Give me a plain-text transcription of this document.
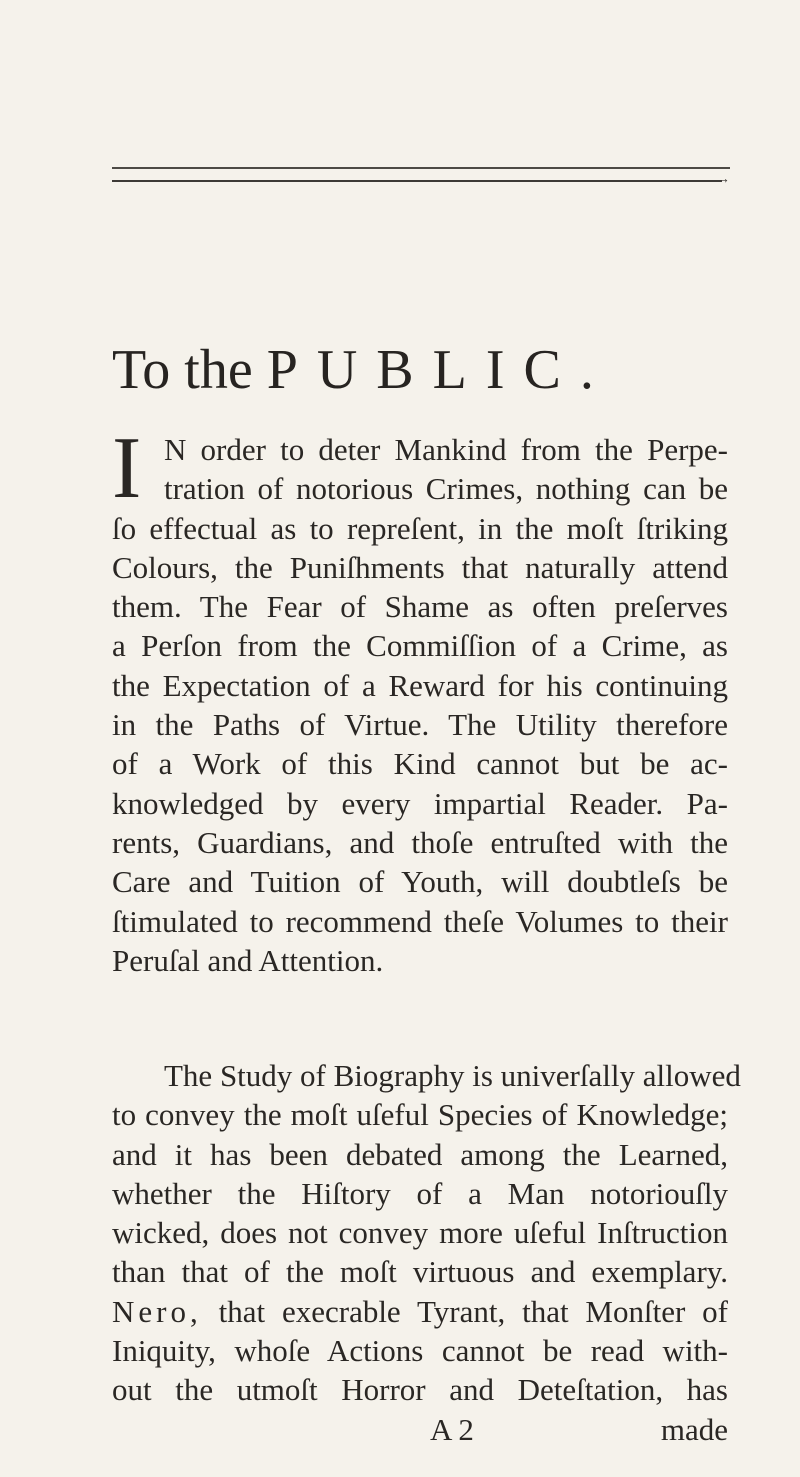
→
To the PUBLIC.
I N order to deter Mankind from the Perpe-
tration of notorious Crimes, nothing can be
ſo effectual as to repreſent, in the moſt ſtriking
Colours, the Puniſhments that naturally attend
them. The Fear of Shame as often preſerves
a Perſon from the Commiſſion of a Crime, as
the Expectation of a Reward for his continuing
in the Paths of Virtue. The Utility therefore
of a Work of this Kind cannot but be ac-
knowledged by every impartial Reader. Pa-
rents, Guardians, and thoſe entruſted with the
Care and Tuition of Youth, will doubtleſs be
ſtimulated to recommend theſe Volumes to their
Peruſal and Attention.
The Study of Biography is univerſally allowed
to convey the moſt uſeful Species of Knowledge;
and it has been debated among the Learned,
whether the Hiſtory of a Man notoriouſly
wicked, does not convey more uſeful Inſtruction
than that of the moſt virtuous and exemplary.
Nero, that execrable Tyrant, that Monſter of
Iniquity, whoſe Actions cannot be read with-
out the utmoſt Horror and Deteſtation, has
A 2	made
